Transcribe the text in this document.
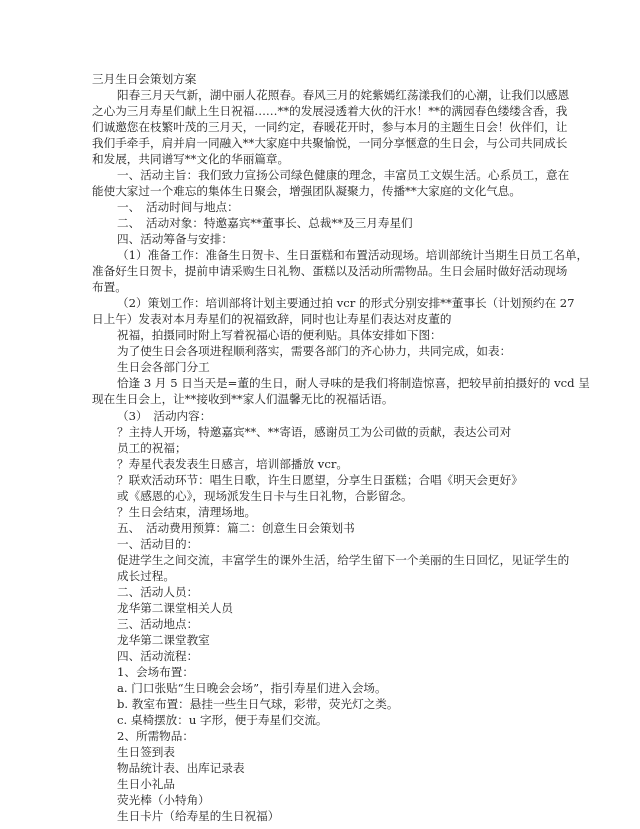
三月生日会策划方案
阳春三月天气新，湖中丽人花照春。春风三月的姹紫嫣红荡漾我们的心潮，让我们以感恩
之心为三月寿星们献上生日祝福……**的发展浸透着大伙的汗水！**的满园春色缕缕含香，我
们诚邀您在枝繁叶茂的三月天，一同约定，春暖花开时，参与本月的主题生日会！伙伴们，让
我们手牵手，肩并肩一同融入**大家庭中共聚愉悦，一同分享惬意的生日会，与公司共同成长
和发展，共同谱写**文化的华丽篇章。
一、活动主旨：我们致力宣扬公司绿色健康的理念，丰富员工文娱生活。心系员工，意在
能使大家过一个难忘的集体生日聚会，增强团队凝聚力，传播**大家庭的文化气息。
一、　活动时间与地点：
二、　活动对象：特邀嘉宾**董事长、总裁**及三月寿星们
四、活动筹备与安排：
（1）准备工作：准备生日贺卡、生日蛋糕和布置活动现场。培训部统计当期生日员工名单，
准备好生日贺卡，提前申请采购生日礼物、蛋糕以及活动所需物品。生日会届时做好活动现场
布置。
（2）策划工作：培训部将计划主要通过拍 vcr 的形式分别安排**董事长（计划预约在 27
日上午）发表对本月寿星们的祝福致辞，同时也让寿星们表达对皮董的
祝福，拍摄同时附上写着祝福心语的便利贴。具体安排如下图：
为了使生日会各项进程顺利落实，需要各部门的齐心协力，共同完成，如表：
生日会各部门分工
恰逢 3 月 5 日当天是=董的生日，耐人寻味的是我们将制造惊喜，把较早前拍摄好的 vcd 呈
现在生日会上，让**接收到**家人们温馨无比的祝福话语。
（3）　活动内容：
？主持人开场，特邀嘉宾**、**寄语，感谢员工为公司做的贡献，表达公司对
员工的祝福；
？寿星代表发表生日感言，培训部播放 vcr。
？联欢活动环节：唱生日歌，许生日愿望，分享生日蛋糕；合唱《明天会更好》
或《感恩的心》，现场派发生日卡与生日礼物，合影留念。
？生日会结束，清理场地。
五、　活动费用预算：篇二：创意生日会策划书
一、活动目的：
促进学生之间交流，丰富学生的课外生活，给学生留下一个美丽的生日回忆，见证学生的
成长过程。
二、活动人员：
龙华第二课堂相关人员
三、活动地点：
龙华第二课堂教室
四、活动流程：
1、会场布置：
a. 门口张贴“生日晚会会场”，指引寿星们进入会场。
b. 教室布置：悬挂一些生日气球，彩带，荧光灯之类。
c. 桌椅摆放：u 字形，便于寿星们交流。
2、所需物品：
生日签到表
物品统计表、出库记录表
生日小礼品
荧光棒（小特角）
生日卡片（给寿星的生日祝福）
